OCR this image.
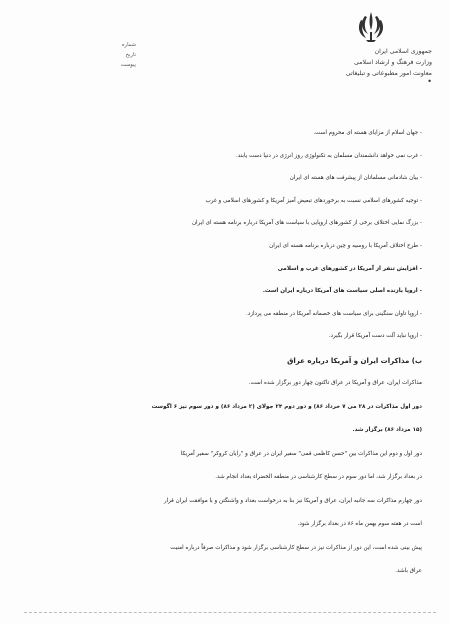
جمهوری اسلامی ایران
وزارت فرهنگ و ارشاد اسلامی
معاونت امور مطبوعاتی و تبلیغاتی
•
شماره
تاریخ
پیوست
- جهان اسلام از مزایای هسته ای محروم است.
- غرب نمی خواهد دانشمندان مسلمان به تکنولوژی روز انرژی در دنیا دست یابند.
- بیان شادمانی مسلمانان از پیشرفت های هسته ای ایران
- توجیه کشورهای اسلامی نسبت به برخوردهای تبعیض آمیز آمریکا و کشورهای اسلامی و غرب
- بزرگ نمایی اختلاف برخی از کشورهای اروپایی با سیاست های آمریکا درباره برنامه هسته ای ایران
- طرح اختلاف آمریکا با روسیه و چین درباره برنامه هسته ای ایران
- افزایش تنفر از آمریکا در کشورهای غرب و اسلامی
- اروپا بازنده اصلی سیاست های آمریکا درباره ایران است.
- اروپا تاوان سنگینی برای سیاست های خصمانه آمریکا در منطقه می پردازد.
- اروپا نباید آلت دست آمریکا قرار بگیرد.
ب) مذاکرات ایران و آمریکا درباره عراق
مذاکرات ایران، عراق و آمریکا در عراق تاکنون چهار دور برگزار شده است.
دور اول مذاکرات در ۲۸ می ۷ خرداد ۸۶) و دور دوم ۲۴ جولای (۲ مرداد ۸۶) و دور سوم نیز ۶ اگوست
(۱۵ مرداد ۸۶) برگزار شد.
دور اول و دوم این مذاکرات بین "حسن کاظمی قمی" سفیر ایران در عراق و "رایان کروکر" سفیر آمریکا
در بغداد برگزار شد، اما دور سوم در سطح کارشناسی در منطقه الخضراء بغداد انجام شد.
دور چهارم مذاکرات سه جانبه ایران، عراق و آمریکا نیز بنا به درخواست بغداد و واشنگتن و با موافقت ایران قرار
است در هفته سوم بهمن ماه ۸۶ در بغداد برگزار شود.
پیش بینی شده است، این دور از مذاکرات نیز در سطح کارشناسی برگزار شود و مذاکرات صرفاً درباره امنیت
عراق باشد.
